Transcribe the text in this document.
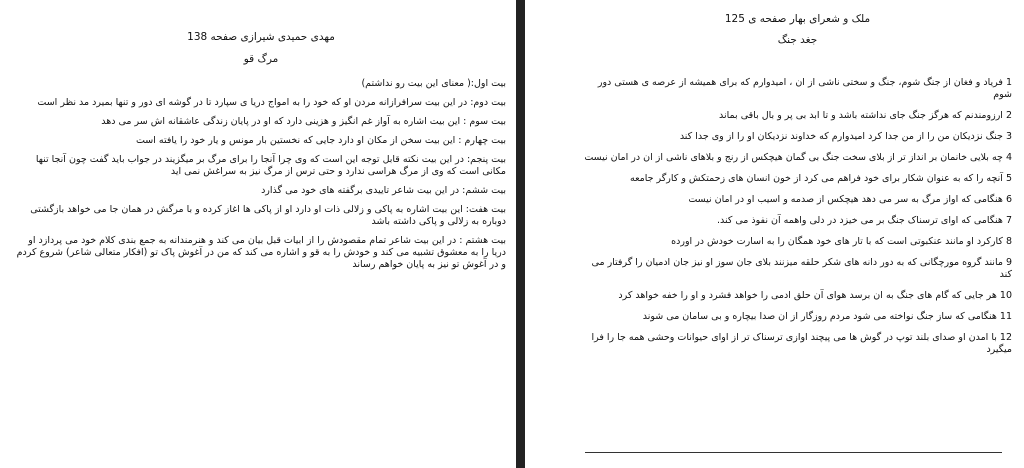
مهدی حمیدی شیرازی صفحه 138

مرگ قو

بیت اول:( معنای این بیت رو نداشتم)

بیت دوم: در این بیت سرافرازانه مردن او که خود را به امواج دریا ی سپارد تا در گوشه ای دور و تنها بمیرد مد نظر است

بیت سوم : این بیت اشاره به آواز غم انگیز و هزینی دارد که او در پایان زندگی عاشقانه اش سر می دهد

بیت چهارم : این بیت سخن از مکان او دارد جایی که نخستین بار مونس و یار خود را یافته است

بیت پنجم: در این بیت نکته قابل توجه این است که وی چرا آنجا را برای مرگ بر میگزیند در جواب باید گفت چون آنجا تنها مکانی است که وی از مرگ هراسی ندارد و حتی ترس از مرگ نیز به سراغش نمی اید

بیت ششم: در این بیت شاعر تاییدی برگفته های خود می گذارد

بیت هفت: این بیت اشاره به پاکی و زلالی ذات او دارد او از پاکی ها اغاز کرده و با مرگش در همان جا می خواهد بازگشتی دوباره به زلالی و پاکی داشته باشد

بیت هشتم : در این بیت شاعر تمام مقصودش را از ابیات قبل بیان می کند و هنرمندانه به جمع بندی کلام خود می پردازد او دریا را به معشوق تشبیه می کند و خودش را به قو و اشاره می کند که من در آغوش پاک تو (افکار متعالی شاعر) شروع کردم و در آغوش تو نیز به پایان خواهم رساند

ملک و شعرای بهار صفحه ی 125

جغد جنگ

1 فریاد و فغان از جنگ شوم، جنگ و سختی ناشی از ان ، امیدوارم که برای همیشه از عرصه ی هستی دور شوم

2 ارزومندنم که هرگز جنگ جای نداشته باشد و تا ابد بی پر و بال باقی بماند

3 جنگ نزدیکان من را از من جدا کرد امیدوارم که خداوند نزدیکان او را از وی جدا کند

4 چه بلایی خانمان بر انداز تر از بلای سخت جنگ بی گمان هیچکس از رنج و بلاهای ناشی از ان در امان نیست

5 آنچه را که به عنوان شکار برای خود فراهم می کرد از خون انسان های زحمتکش و کارگر جامعه

6 هنگامی که اواز مرگ به سر می دهد هیچکس از صدمه و اسیب او در امان نیست

7 هنگامی که اوای ترسناک جنگ بر می خیزد در دلی واهمه آن نفوذ می کند.

8 کارکرد او مانند عنکبوتی است که با تار های خود همگان را به اسارت خودش در اورده

9 مانند گروه مورچگانی که به دور دانه های شکر حلقه میزنند بلای جان سوز او نیز جان ادمیان را گرفتار می کند

10 هر جایی که گام های جنگ به ان برسد هوای آن حلق ادمی را خواهد فشرد و او را خفه خواهد کرد

11 هنگامی که ساز جنگ نواخته می شود مردم روزگار از ان صدا بیچاره و بی سامان می شوند

12 با امدن او صدای بلند توپ در گوش ها می پیچند اوازی ترسناک تر از اوای حیوانات وحشی همه جا را فرا میگیرد
